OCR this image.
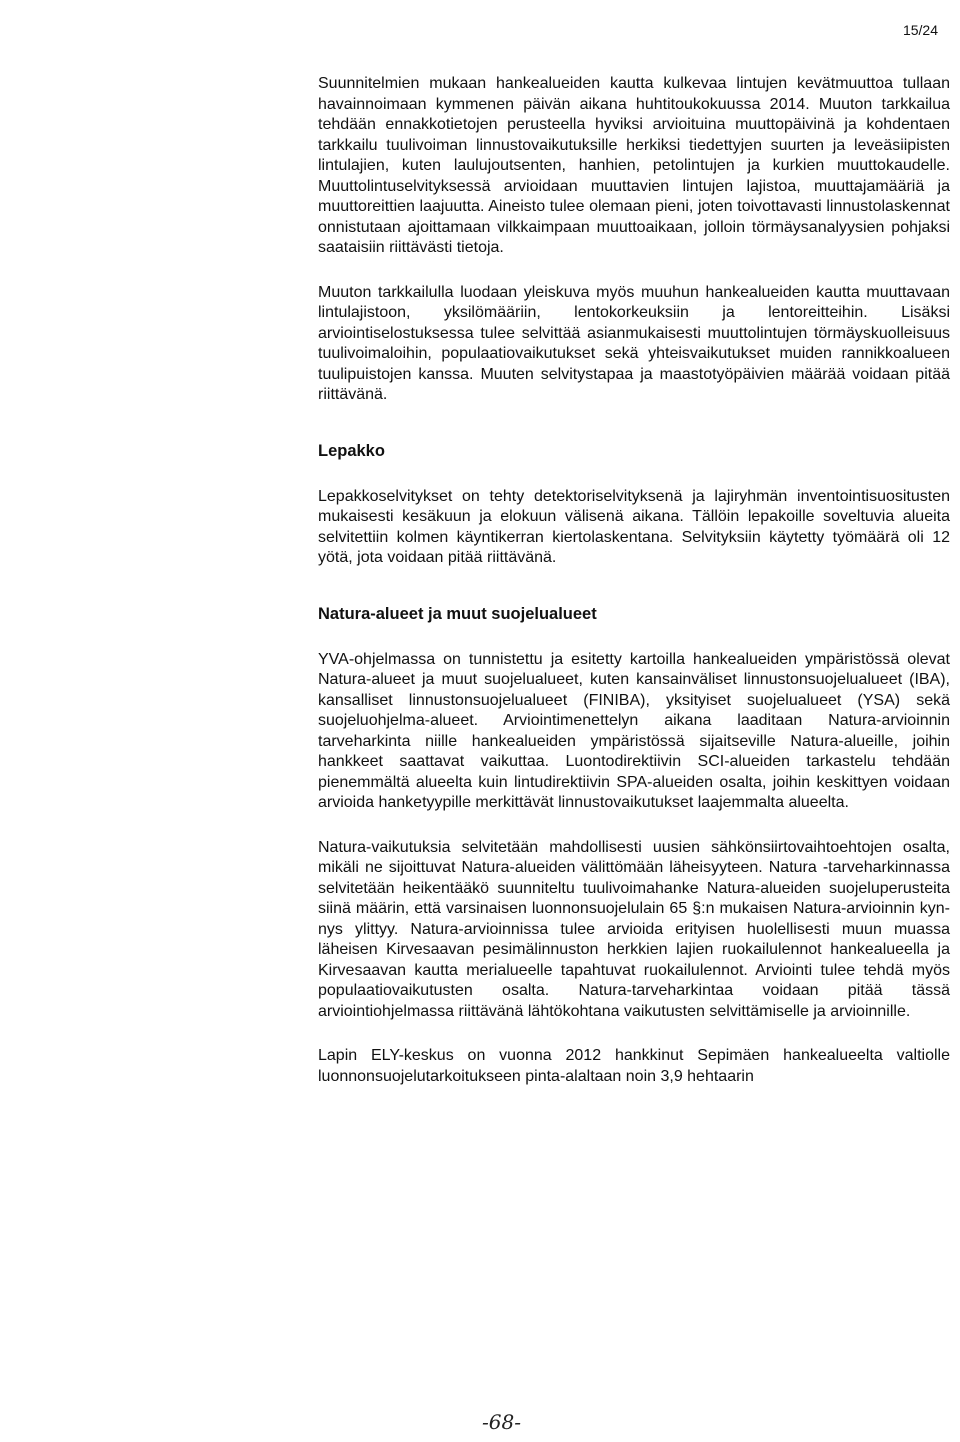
15/24

Suunnitelmien mukaan hankealueiden kautta kulkevaa lintujen kevätmuuttoa tullaan havainnoimaan kymmenen päivän aikana huhtitoukokuussa 2014. Muuton tarkkailua tehdään ennakkotietojen perusteella hyviksi arvioituina muuttopäivinä ja kohdentaen tarkkailu tuulivoiman linnustovaikutuksille herkiksi tiedettyjen suurten ja leveäsiipisten lintulajien, kuten laulujoutsenten, hanhien, petolintujen ja kurkien muuttokaudelle. Muuttolintuselvityksessä arvioidaan muuttavien lintujen lajistoa, muuttajamääriä ja muuttoreittien laajuutta. Aineisto tulee olemaan pieni, joten toivottavasti linnustolaskennat onnistutaan ajoittamaan vilkkaimpaan muuttoaikaan, jolloin törmäysanalyysien pohjaksi saataisiin riittävästi tietoja.

Muuton tarkkailulla luodaan yleiskuva myös muuhun hankealueiden kautta muuttavaan lintulajistoon, yksilömääriin, lentokorkeuksiin ja lentoreitteihin. Lisäksi arviointiselostuksessa tulee selvittää asianmukaisesti muuttolintujen törmäyskuolleisuus tuulivoimaloihin, populaatiovaikutukset sekä yhteisvaikutukset muiden rannikkoalueen tuulipuistojen kanssa. Muuten selvitystapaa ja maastotyöpäivien määrää voidaan pitää riittävänä.

Lepakko

Lepakkoselvitykset on tehty detektoriselvityksenä ja lajiryhmän inventointisuositusten mukaisesti kesäkuun ja elokuun välisenä aikana. Tällöin lepakoille soveltuvia alueita selvitettiin kolmen käyntikerran kiertolaskentana. Selvityksiin käytetty työmäärä oli 12 yötä, jota voidaan pitää riittävänä.

Natura-alueet ja muut suojelualueet

YVA-ohjelmassa on tunnistettu ja esitetty kartoilla hankealueiden ympäristössä olevat Natura-alueet ja muut suojelualueet, kuten kansainväliset linnustonsuojelualueet (IBA), kansalliset linnustonsuojelualueet (FINIBA), yksityiset suojelualueet (YSA) sekä suojeluohjelma-alueet. Arviointimenettelyn aikana laaditaan Natura-arvioinnin tarveharkinta niille hankealueiden ympäristössä sijaitseville Natura-alueille, joihin hankkeet saattavat vaikuttaa. Luontodirektiivin SCI-alueiden tarkastelu tehdään pienemmältä alueelta kuin lintudirektiivin SPA-alueiden osalta, joihin keskittyen voidaan arvioida hanketyypille merkittävät linnustovaikutukset laajemmalta alueelta.

Natura-vaikutuksia selvitetään mahdollisesti uusien sähkönsiirtovaihtoehtojen osalta, mikäli ne sijoittuvat Natura-alueiden välittömään läheisyyteen. Natura -tarveharkinnassa selvitetään heikentääkö suunniteltu tuulivoimahanke Natura-alueiden suojeluperusteita siinä määrin, että varsinaisen luonnonsuojelulain 65 §:n mukaisen Natura-arvioinnin kynnys ylittyy. Natura-arvioinnissa tulee arvioida erityisen huolellisesti muun muassa läheisen Kirvesaavan pesimälinnuston herkkien lajien ruokailulennot hankealueella ja Kirvesaavan kautta merialueelle tapahtuvat ruokailulennot. Arviointi tulee tehdä myös populaatiovaikutusten osalta. Natura-tarveharkintaa voidaan pitää tässä arviointiohjelmassa riittävänä lähtökohtana vaikutusten selvittämiselle ja arvioinnille.

Lapin ELY-keskus on vuonna 2012 hankkinut Sepimäen hankealueelta valtiolle luonnonsuojelutarkoitukseen pinta-alaltaan noin 3,9 hehtaarin

-68-
